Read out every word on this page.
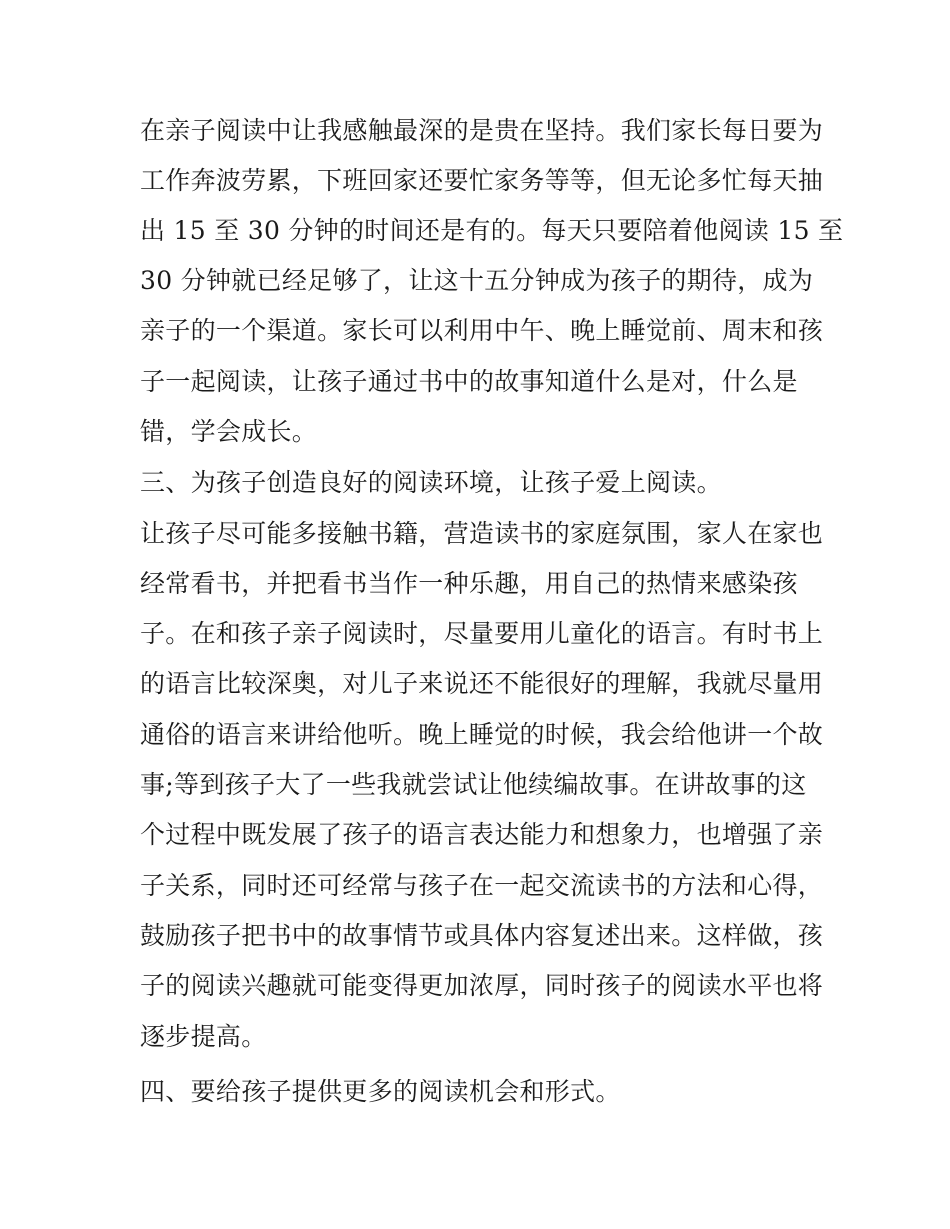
在亲子阅读中让我感触最深的是贵在坚持。我们家长每日要为
工作奔波劳累，下班回家还要忙家务等等，但无论多忙每天抽
出 15 至 30 分钟的时间还是有的。每天只要陪着他阅读 15 至
30 分钟就已经足够了，让这十五分钟成为孩子的期待，成为
亲子的一个渠道。家长可以利用中午、晚上睡觉前、周末和孩
子一起阅读，让孩子通过书中的故事知道什么是对，什么是
错，学会成长。
三、为孩子创造良好的阅读环境，让孩子爱上阅读。
让孩子尽可能多接触书籍，营造读书的家庭氛围，家人在家也
经常看书，并把看书当作一种乐趣，用自己的热情来感染孩
子。在和孩子亲子阅读时，尽量要用儿童化的语言。有时书上
的语言比较深奥，对儿子来说还不能很好的理解，我就尽量用
通俗的语言来讲给他听。晚上睡觉的时候，我会给他讲一个故
事;等到孩子大了一些我就尝试让他续编故事。在讲故事的这
个过程中既发展了孩子的语言表达能力和想象力，也增强了亲
子关系，同时还可经常与孩子在一起交流读书的方法和心得，
鼓励孩子把书中的故事情节或具体内容复述出来。这样做，孩
子的阅读兴趣就可能变得更加浓厚，同时孩子的阅读水平也将
逐步提高。
四、要给孩子提供更多的阅读机会和形式。
